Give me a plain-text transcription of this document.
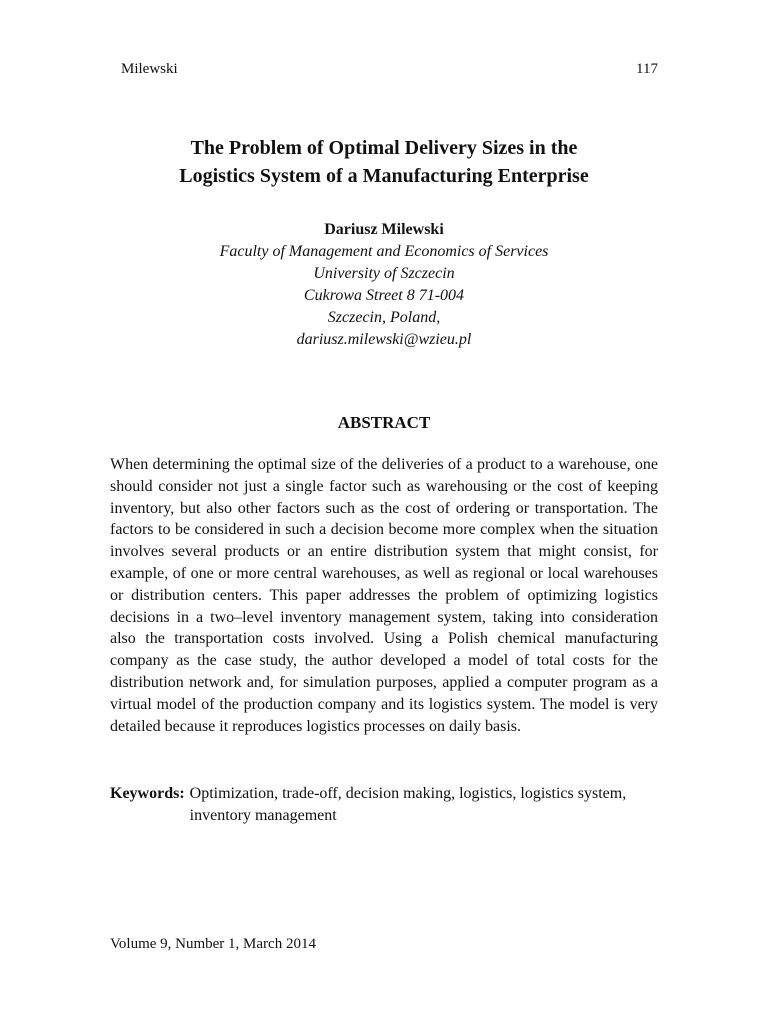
Milewski	117
The Problem of Optimal Delivery Sizes in the
Logistics System of a Manufacturing Enterprise
Dariusz Milewski
Faculty of Management and Economics of Services
University of Szczecin
Cukrowa Street 8 71-004
Szczecin, Poland,
dariusz.milewski@wzieu.pl
ABSTRACT
When determining the optimal size of the deliveries of a product to a warehouse, one should consider not just a single factor such as warehousing or the cost of keeping inventory, but also other factors such as the cost of ordering or transportation. The factors to be considered in such a decision become more complex when the situation involves several products or an entire distribution system that might consist, for example, of one or more central warehouses, as well as regional or local warehouses or distribution centers. This paper addresses the problem of optimizing logistics decisions in a two–level inventory management system, taking into consideration also the transportation costs involved. Using a Polish chemical manufacturing company as the case study, the author developed a model of total costs for the distribution network and, for simulation purposes, applied a computer program as a virtual model of the production company and its logistics system. The model is very detailed because it reproduces logistics processes on daily basis.
Keywords: Optimization, trade-off, decision making, logistics, logistics system, inventory management
Volume 9, Number 1, March 2014
